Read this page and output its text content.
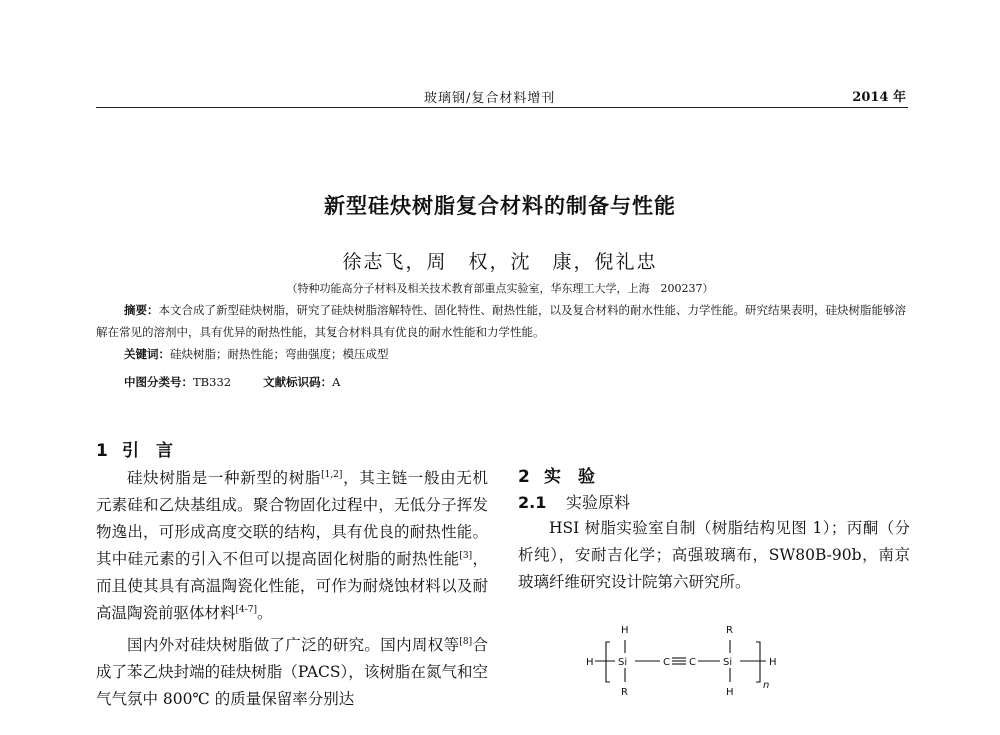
玻璃钢/复合材料增刊	2014 年
新型硅炔树脂复合材料的制备与性能
徐志飞，周　权，沈　康，倪礼忠
（特种功能高分子材料及相关技术教育部重点实验室，华东理工大学，上海　200237）

摘要：本文合成了新型硅炔树脂，研究了硅炔树脂溶解特性、固化特性、耐热性能，以及复合材料的耐水性能、力学性能。研究结果表明，硅炔树脂能够溶解在常见的溶剂中，具有优异的耐热性能，其复合材料具有优良的耐水性能和力学性能。

关键词：硅炔树脂；耐热性能；弯曲强度；模压成型

中图分类号：TB332	文献标识码：A

1 引　言

硅炔树脂是一种新型的树脂[1,2]，其主链一般由无机元素硅和乙炔基组成。聚合物固化过程中，无低分子挥发物逸出，可形成高度交联的结构，具有优良的耐热性能。其中硅元素的引入不但可以提高固化树脂的耐热性能[3]，而且使其具有高温陶瓷化性能，可作为耐烧蚀材料以及耐高温陶瓷前驱体材料[4-7]。

国内外对硅炔树脂做了广泛的研究。国内周权等[8]合成了苯乙炔封端的硅炔树脂（PACS），该树脂在氮气和空气气氛中 800℃ 的质量保留率分别达

2 实　验

2.1 实验原料

HSI 树脂实验室自制（树脂结构见图 1）；丙酮（分析纯），安耐吉化学；高强玻璃布，SW80B-90b，南京玻璃纤维研究设计院第六研究所。

H Si
H
R
C C	Si
R
H
H
n
